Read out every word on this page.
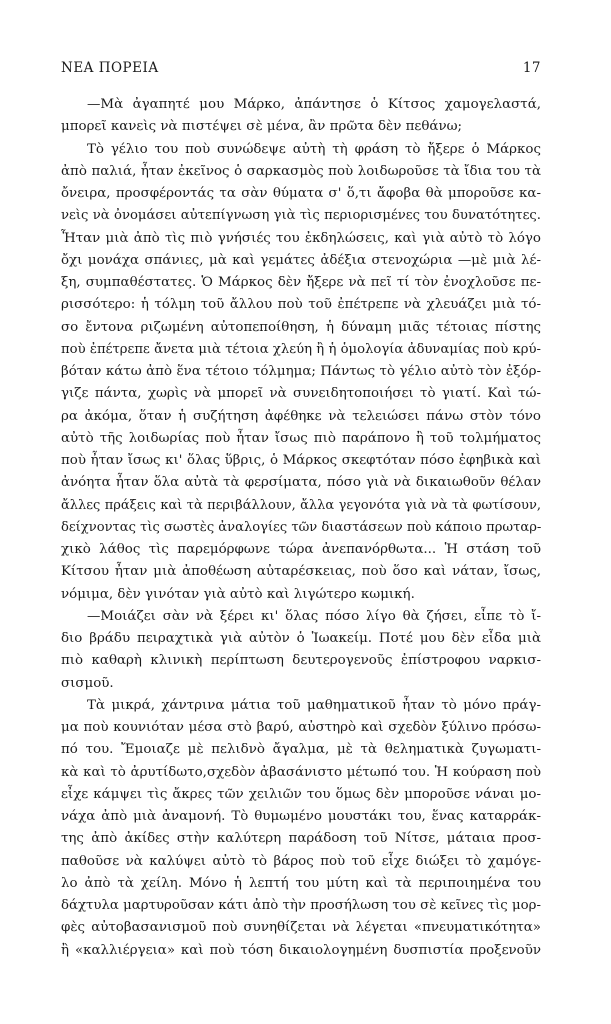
ΝΕΑ ΠΟΡΕΙΑ	17
—Μὰ ἀγαπητέ μου Μάρκο, ἀπάντησε ὁ Κίτσος χαμογελαστά,
μπορεῖ κανεὶς νὰ πιστέψει σὲ μένα, ἂν πρῶτα δὲν πεθάνω;
Τὸ γέλιο του ποὺ συνώδεψε αὐτὴ τὴ φράση τὸ ἤξερε ὁ Μάρκος
ἀπὸ παλιά, ἦταν ἐκεῖνος ὁ σαρκασμὸς ποὺ λοιδωροῦσε τὰ ἴδια του τὰ
ὄνειρα, προσφέροντάς τα σὰν θύματα σ' ὅ,τι ἄφοβα θὰ μποροῦσε κα-
νεὶς νὰ ὀνομάσει αὐτεπίγνωση γιὰ τὶς περιορισμένες του δυνατότητες.
Ἦταν μιὰ ἀπὸ τὶς πιὸ γνήσιές του ἐκδηλώσεις, καὶ γιὰ αὐτὸ τὸ λόγο
ὄχι μονάχα σπάνιες, μὰ καὶ γεμάτες ἀδέξια στενοχώρια —μὲ μιὰ λέ-
ξη, συμπαθέστατες. Ὁ Μάρκος δὲν ἤξερε νὰ πεῖ τί τὸν ἐνοχλοῦσε πε-
ρισσότερο: ἡ τόλμη τοῦ ἄλλου ποὺ τοῦ ἐπέτρεπε νὰ χλευάζει μιὰ τό-
σο ἔντονα ριζωμένη αὐτοπεποίθηση, ἡ δύναμη μιᾶς τέτοιας πίστης
ποὺ ἐπέτρεπε ἄνετα μιὰ τέτοια χλεύη ἢ ἡ ὁμολογία ἀδυναμίας ποὺ κρύ-
βόταν κάτω ἀπὸ ἕνα τέτοιο τόλμημα; Πάντως τὸ γέλιο αὐτὸ τὸν ἐξόρ-
γιζε πάντα, χωρὶς νὰ μπορεῖ νὰ συνειδητοποιήσει τὸ γιατί. Καὶ τώ-
ρα ἀκόμα, ὅταν ἡ συζήτηση ἀφέθηκε νὰ τελειώσει πάνω στὸν τόνο
αὐτὸ τῆς λοιδωρίας ποὺ ἦταν ἴσως πιὸ παράπονο ἢ τοῦ τολμήματος
ποὺ ἦταν ἴσως κι' ὅλας ὕβρις, ὁ Μάρκος σκεφτόταν πόσο ἐφηβικὰ καὶ
ἀνόητα ἦταν ὅλα αὐτὰ τὰ φερσίματα, πόσο γιὰ νὰ δικαιωθοῦν θέλαν
ἄλλες πράξεις καὶ τὰ περιβάλλουν, ἄλλα γεγονότα γιὰ νὰ τὰ φωτίσουν,
δείχνοντας τὶς σωστὲς ἀναλογίες τῶν διαστάσεων ποὺ κάποιο πρωταρ-
χικὸ λάθος τὶς παρεμόρφωνε τώρα ἀνεπανόρθωτα... Ἡ στάση τοῦ
Κίτσου ἦταν μιὰ ἀποθέωση αὐταρέσκειας, ποὺ ὅσο καὶ νάταν, ἴσως,
νόμιμα, δὲν γινόταν γιὰ αὐτὸ καὶ λιγώτερο κωμική.
—Μοιάζει σὰν νὰ ξέρει κι' ὅλας πόσο λίγο θὰ ζήσει, εἶπε τὸ ἴ-
διο βράδυ πειραχτικὰ γιὰ αὐτὸν ὁ Ἰωακείμ. Ποτέ μου δὲν εἶδα μιὰ
πιὸ καθαρὴ κλινικὴ περίπτωση δευτερογενοῦς ἐπίστροφου ναρκισ-
σισμοῦ.
Τὰ μικρά, χάντρινα μάτια τοῦ μαθηματικοῦ ἦταν τὸ μόνο πράγ-
μα ποὺ κουνιόταν μέσα στὸ βαρύ, αὐστηρὸ καὶ σχεδὸν ξύλινο πρόσω-
πό του. Ἔμοιαζε μὲ πελιδνὸ ἄγαλμα, μὲ τὰ θεληματικὰ ζυγωματι-
κὰ καὶ τὸ ἀρυτίδωτο,σχεδὸν ἀβασάνιστο μέτωπό του. Ἡ κούραση ποὺ
εἶχε κάμψει τὶς ἄκρες τῶν χειλιῶν του ὅμως δὲν μποροῦσε νάναι μο-
νάχα ἀπὸ μιὰ ἀναμονή. Τὸ θυμωμένο μουστάκι του, ἕνας καταρράκ-
της ἀπὸ ἀκίδες στὴν καλύτερη παράδοση τοῦ Νίτσε, μάταια προσ-
παθοῦσε νὰ καλύψει αὐτὸ τὸ βάρος ποὺ τοῦ εἶχε διώξει τὸ χαμόγε-
λο ἀπὸ τὰ χείλη. Μόνο ἡ λεπτή του μύτη καὶ τὰ περιποιημένα του
δάχτυλα μαρτυροῦσαν κάτι ἀπὸ τὴν προσήλωση του σὲ κεῖνες τὶς μορ-
φὲς αὐτοβασανισμοῦ ποὺ συνηθίζεται νὰ λέγεται «πνευματικότητα»
ἢ «καλλιέργεια» καὶ ποὺ τόση δικαιολογημένη δυσπιστία προξενοῦν
